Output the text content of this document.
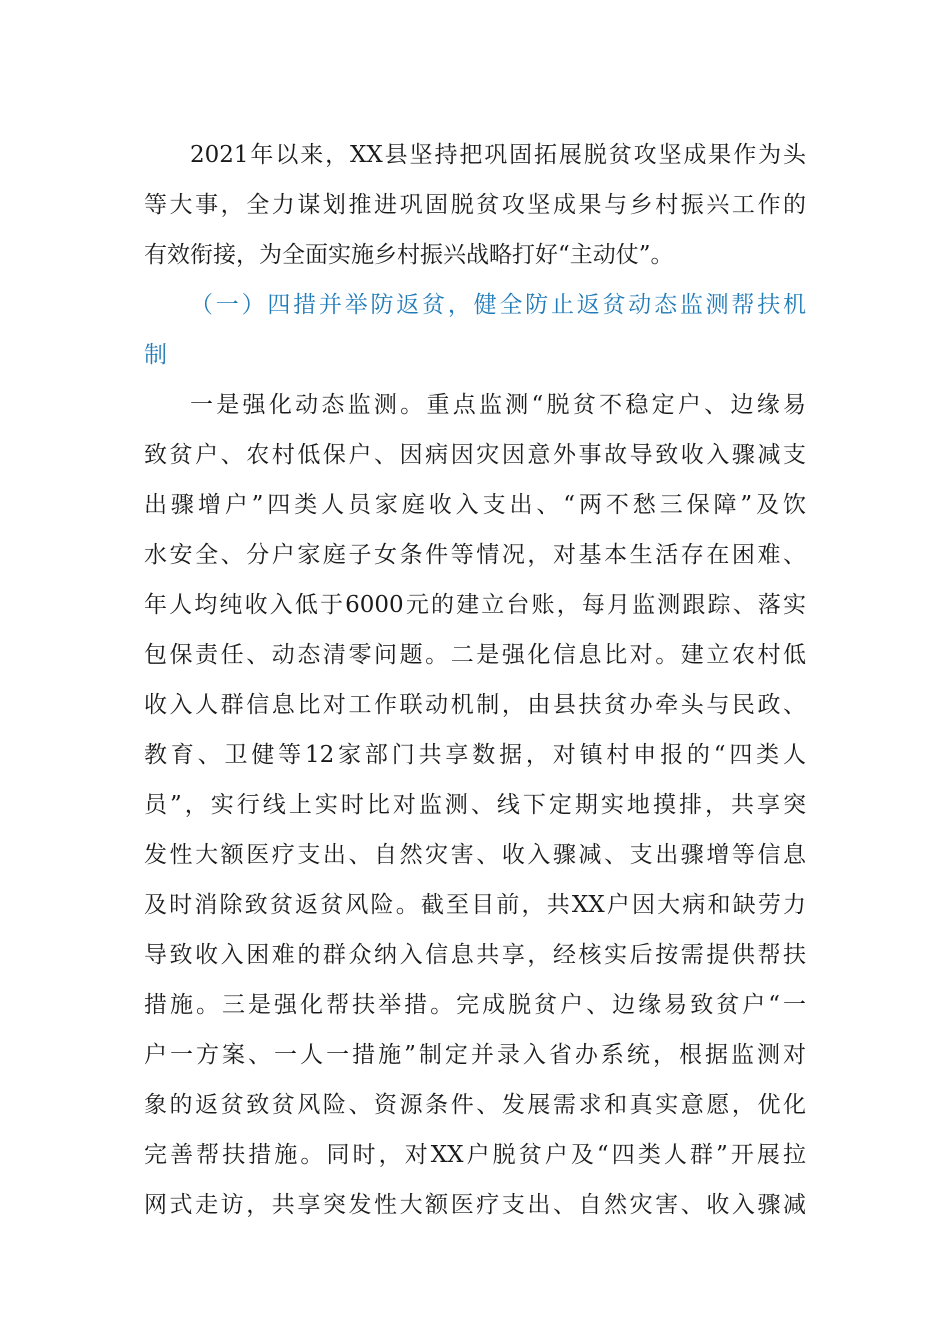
2021年以来，XX县坚持把巩固拓展脱贫攻坚成果作为头
等大事，全力谋划推进巩固脱贫攻坚成果与乡村振兴工作的
有效衔接，为全面实施乡村振兴战略打好“主动仗”。
（一）四措并举防返贫，健全防止返贫动态监测帮扶机
制
一是强化动态监测。重点监测“脱贫不稳定户、边缘易
致贫户、农村低保户、因病因灾因意外事故导致收入骤减支
出骤增户”四类人员家庭收入支出、“两不愁三保障”及饮
水安全、分户家庭子女条件等情况，对基本生活存在困难、
年人均纯收入低于6000元的建立台账，每月监测跟踪、落实
包保责任、动态清零问题。二是强化信息比对。建立农村低
收入人群信息比对工作联动机制，由县扶贫办牵头与民政、
教育、卫健等12家部门共享数据，对镇村申报的“四类人
员”，实行线上实时比对监测、线下定期实地摸排，共享突
发性大额医疗支出、自然灾害、收入骤减、支出骤增等信息
及时消除致贫返贫风险。截至目前，共XX户因大病和缺劳力
导致收入困难的群众纳入信息共享，经核实后按需提供帮扶
措施。三是强化帮扶举措。完成脱贫户、边缘易致贫户“一
户一方案、一人一措施”制定并录入省办系统，根据监测对
象的返贫致贫风险、资源条件、发展需求和真实意愿，优化
完善帮扶措施。同时，对XX户脱贫户及“四类人群”开展拉
网式走访，共享突发性大额医疗支出、自然灾害、收入骤减
